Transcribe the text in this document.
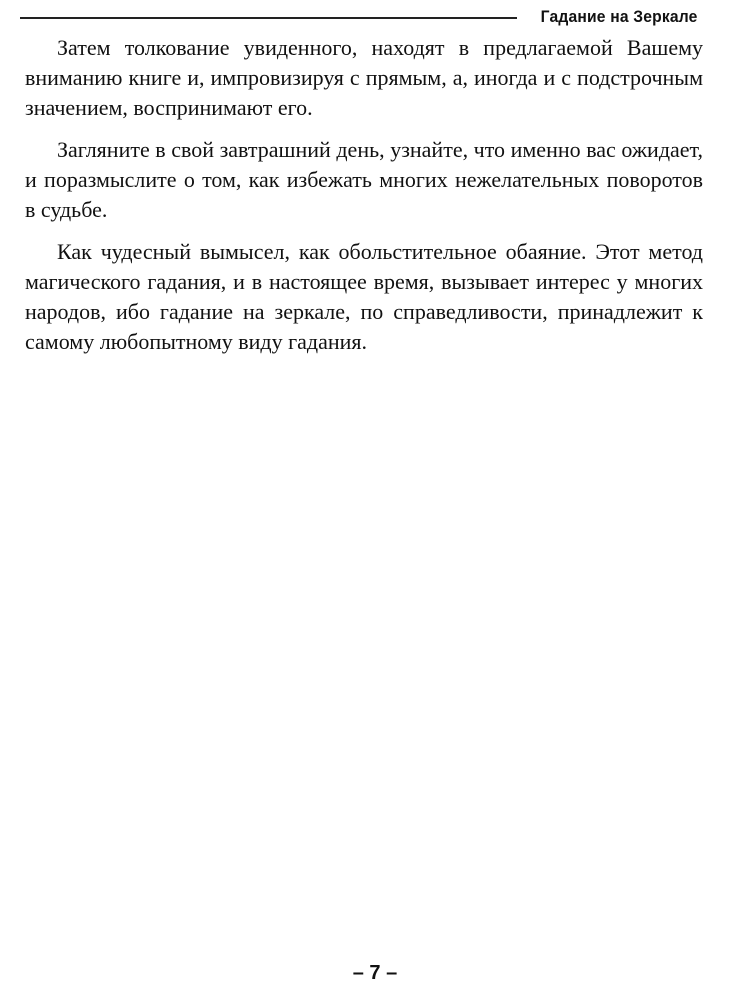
Гадание на Зеркале

Затем толкование увиденного, находят в предлагаемой Вашему вниманию книге и, импровизируя с прямым, а, иногда и с подстрочным значением, воспринимают его.

Загляните в свой завтрашний день, узнайте, что именно вас ожидает, и поразмыслите о том, как избежать многих нежелательных поворотов в судьбе.

Как чудесный вымысел, как обольстительное обаяние. Этот метод магического гадания, и в настоящее время, вызывает интерес у многих народов, ибо гадание на зеркале, по справедливости, принадлежит к самому любопытному виду гадания.

– 7 –
